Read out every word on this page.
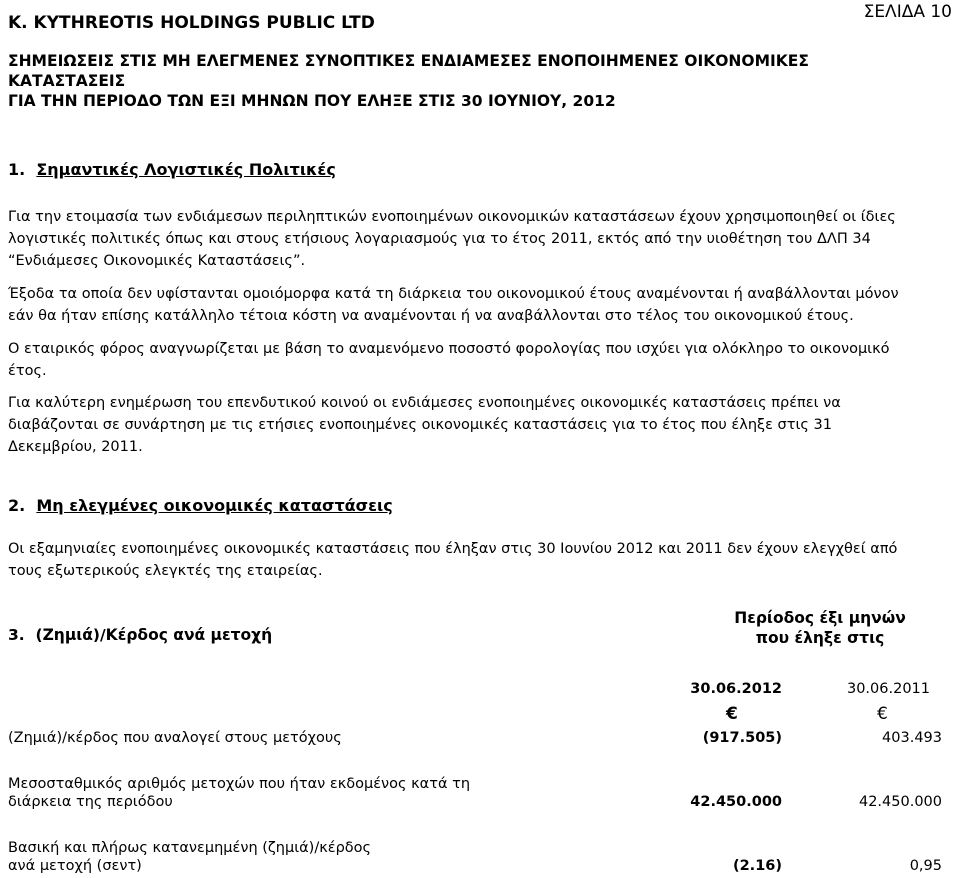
K. KYTHREOTIS HOLDINGS PUBLIC LTD
ΣΕΛΙΔΑ 10
ΣΗΜΕΙΩΣΕΙΣ ΣΤΙΣ ΜΗ ΕΛΕΓΜΕΝΕΣ ΣΥΝΟΠΤΙΚΕΣ ΕΝΔΙΑΜΕΣΕΣ ΕΝΟΠΟΙΗΜΕΝΕΣ ΟΙΚΟΝΟΜΙΚΕΣ
ΚΑΤΑΣΤΑΣΕΙΣ
ΓΙΑ ΤΗΝ ΠΕΡΙΟΔΟ ΤΩΝ ΕΞΙ ΜΗΝΩΝ ΠΟΥ ΕΛΗΞΕ ΣΤΙΣ 30 ΙΟΥΝΙΟΥ, 2012
1. Σημαντικές Λογιστικές Πολιτικές
Για την ετοιμασία των ενδιάμεσων περιληπτικών ενοποιημένων οικονομικών καταστάσεων έχουν χρησιμοποιηθεί οι ίδιες
λογιστικές πολιτικές όπως και στους ετήσιους λογαριασμούς για το έτος 2011, εκτός από την υιοθέτηση του ΔΛΠ 34
“Ενδιάμεσες Οικονομικές Καταστάσεις”.
Έξοδα τα οποία δεν υφίστανται ομοιόμορφα κατά τη διάρκεια του οικονομικού έτους αναμένονται ή αναβάλλονται μόνον
εάν θα ήταν επίσης κατάλληλο τέτοια κόστη να αναμένονται ή να αναβάλλονται στο τέλος του οικονομικού έτους.
Ο εταιρικός φόρος αναγνωρίζεται με βάση το αναμενόμενο ποσοστό φορολογίας που ισχύει για ολόκληρο το οικονομικό
έτος.
Για καλύτερη ενημέρωση του επενδυτικού κοινού οι ενδιάμεσες ενοποιημένες οικονομικές καταστάσεις πρέπει να
διαβάζονται σε συνάρτηση με τις ετήσιες ενοποιημένες οικονομικές καταστάσεις για το έτος που έληξε στις 31
Δεκεμβρίου, 2011.
2. Μη ελεγμένες οικονομικές καταστάσεις
Οι εξαμηνιαίες ενοποιημένες οικονομικές καταστάσεις που έληξαν στις 30 Ιουνίου 2012 και 2011 δεν έχουν ελεγχθεί από
τους εξωτερικούς ελεγκτές της εταιρείας.
3. (Ζημιά)/Κέρδος ανά μετοχή
Περίοδος έξι μηνών
που έληξε στις
30.06.2012	30.06.2011
€	€
(Ζημιά)/κέρδος που αναλογεί στους μετόχους	(917.505)	403.493
Μεσοσταθμικός αριθμός μετοχών που ήταν εκδομένος κατά τη
διάρκεια της περιόδου	42.450.000	42.450.000
Βασική και πλήρως κατανεμημένη (ζημιά)/κέρδος
ανά μετοχή (σεντ)	(2.16)	0,95
